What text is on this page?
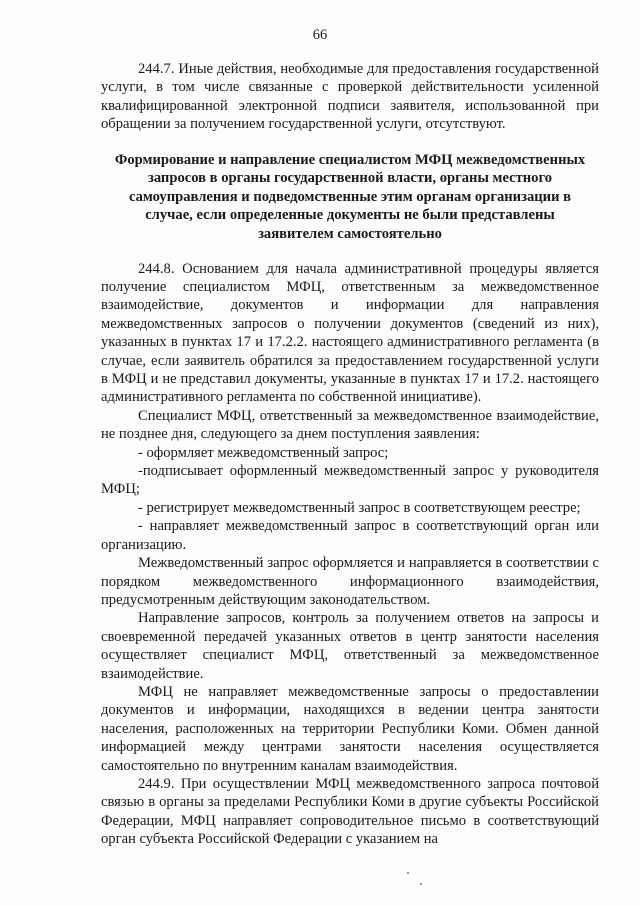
66

244.7. Иные действия, необходимые для предоставления государственной услуги, в том числе связанные с проверкой действительности усиленной квалифицированной электронной подписи заявителя, использованной при обращении за получением государственной услуги, отсутствуют.

Формирование и направление специалистом МФЦ межведомственных запросов в органы государственной власти, органы местного самоуправления и подведомственные этим органам организации в случае, если определенные документы не были представлены заявителем самостоятельно

244.8. Основанием для начала административной процедуры является получение специалистом МФЦ, ответственным за межведомственное взаимодействие, документов и информации для направления межведомственных запросов о получении документов (сведений из них), указанных в пунктах 17 и 17.2.2. настоящего административного регламента (в случае, если заявитель обратился за предоставлением государственной услуги в МФЦ и не представил документы, указанные в пунктах 17 и 17.2. настоящего административного регламента по собственной инициативе).

Специалист МФЦ, ответственный за межведомственное взаимодействие, не позднее дня, следующего за днем поступления заявления:

- оформляет межведомственный запрос;

-подписывает оформленный межведомственный запрос у руководителя МФЦ;

- регистрирует межведомственный запрос в соответствующем реестре;

- направляет межведомственный запрос в соответствующий орган или организацию.

Межведомственный запрос оформляется и направляется в соответствии с порядком межведомственного информационного взаимодействия, предусмотренным действующим законодательством.

Направление запросов, контроль за получением ответов на запросы и своевременной передачей указанных ответов в центр занятости населения осуществляет специалист МФЦ, ответственный за межведомственное взаимодействие.

МФЦ не направляет межведомственные запросы о предоставлении документов и информации, находящихся в ведении центра занятости населения, расположенных на территории Республики Коми. Обмен данной информацией между центрами занятости населения осуществляется самостоятельно по внутренним каналам взаимодействия.

244.9. При осуществлении МФЦ межведомственного запроса почтовой связью в органы за пределами Республики Коми в другие субъекты Российской Федерации, МФЦ направляет сопроводительное письмо в соответствующий орган субъекта Российской Федерации с указанием на
